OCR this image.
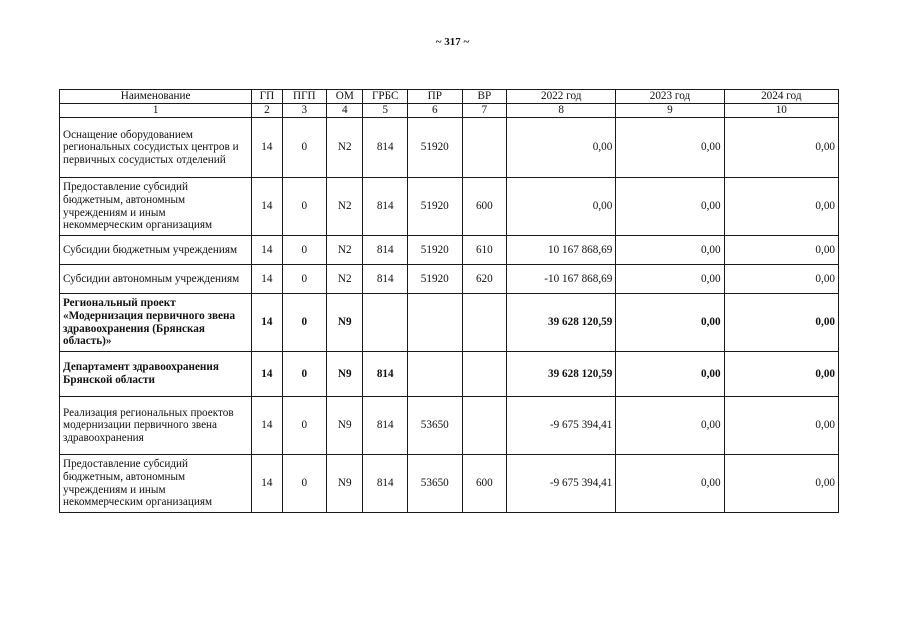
~ 317 ~
Наименование	ГП	ПГП	ОМ	ГРБС	ПР	ВР	2022 год	2023 год	2024 год
1	2	3	4	5	6	7	8	9	10
Оснащение оборудованием региональных сосудистых центров и первичных сосудистых отделений	14	0	N2	814	51920		0,00	0,00	0,00
Предоставление субсидий бюджетным, автономным учреждениям и иным некоммерческим организациям	14	0	N2	814	51920	600	0,00	0,00	0,00
Субсидии бюджетным учреждениям	14	0	N2	814	51920	610	10 167 868,69	0,00	0,00
Субсидии автономным учреждениям	14	0	N2	814	51920	620	-10 167 868,69	0,00	0,00
Региональный проект «Модернизация первичного звена здравоохранения (Брянская область)»	14	0	N9				39 628 120,59	0,00	0,00
Департамент здравоохранения Брянской области	14	0	N9	814			39 628 120,59	0,00	0,00
Реализация региональных проектов модернизации первичного звена здравоохранения	14	0	N9	814	53650		-9 675 394,41	0,00	0,00
Предоставление субсидий бюджетным, автономным учреждениям и иным некоммерческим организациям	14	0	N9	814	53650	600	-9 675 394,41	0,00	0,00
